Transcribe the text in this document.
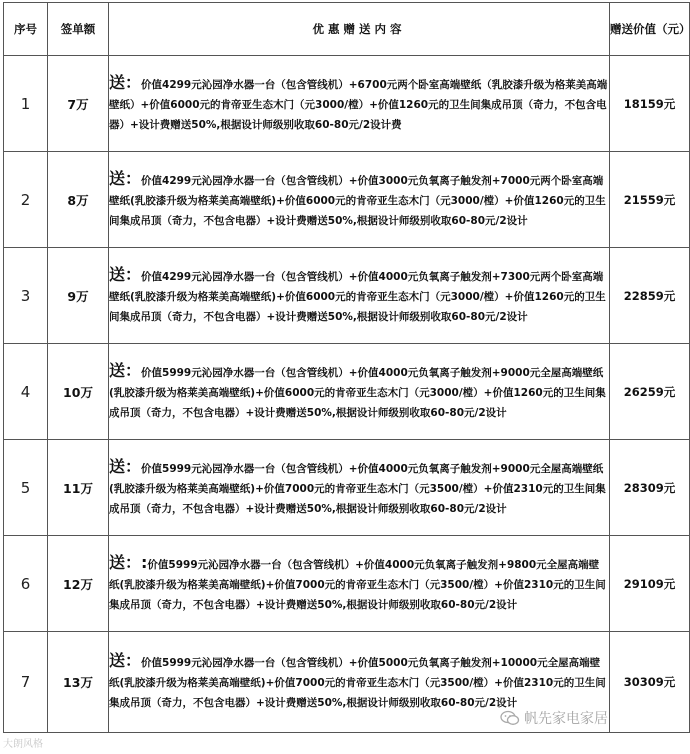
序号	签单额	优惠赠送内容	赠送价值（元）
1	7万	送：价值4299元沁园净水器一台（包含管线机）+6700元两个卧室高端壁纸（乳胶漆升级为格莱美高端壁纸）+价值6000元的肯帝亚生态木门（元3000/樘）+价值1260元的卫生间集成吊顶（奇力，不包含电器）+设计费赠送50%,根据设计师级别收取60-80元/2设计费	18159元
2	8万	送：价值4299元沁园净水器一台（包含管线机）+价值3000元负氧离子触发剂+7000元两个卧室高端壁纸(乳胶漆升级为格莱美高端壁纸)+价值6000元的肯帝亚生态木门（元3000/樘）+价值1260元的卫生间集成吊顶（奇力，不包含电器）+设计费赠送50%,根据设计师级别收取60-80元/2设计	21559元
3	9万	送：价值4299元沁园净水器一台（包含管线机）+价值4000元负氧离子触发剂+7300元两个卧室高端壁纸(乳胶漆升级为格莱美高端壁纸)+价值6000元的肯帝亚生态木门（元3000/樘）+价值1260元的卫生间集成吊顶（奇力，不包含电器）+设计费赠送50%,根据设计师级别收取60-80元/2设计	22859元
4	10万	送：价值5999元沁园净水器一台（包含管线机）+价值4000元负氧离子触发剂+9000元全屋高端壁纸(乳胶漆升级为格莱美高端壁纸)+价值6000元的肯帝亚生态木门（元3000/樘）+价值1260元的卫生间集成吊顶（奇力，不包含电器）+设计费赠送50%,根据设计师级别收取60-80元/2设计	26259元
5	11万	送：价值5999元沁园净水器一台（包含管线机）+价值4000元负氧离子触发剂+9000元全屋高端壁纸(乳胶漆升级为格莱美高端壁纸)+价值7000元的肯帝亚生态木门（元3500/樘）+价值2310元的卫生间集成吊顶（奇力，不包含电器）+设计费赠送50%,根据设计师级别收取60-80元/2设计	28309元
6	12万	送：:价值5999元沁园净水器一台（包含管线机）+价值4000元负氧离子触发剂+9800元全屋高端壁纸(乳胶漆升级为格莱美高端壁纸)+价值7000元的肯帝亚生态木门（元3500/樘）+价值2310元的卫生间集成吊顶（奇力，不包含电器）+设计费赠送50%,根据设计师级别收取60-80元/2设计	29109元
7	13万	送：价值5999元沁园净水器一台（包含管线机）+价值5000元负氧离子触发剂+10000元全屋高端壁纸(乳胶漆升级为格莱美高端壁纸)+价值7000元的肯帝亚生态木门（元3500/樘）+价值2310元的卫生间集成吊顶（奇力，不包含电器）+设计费赠送50%,根据设计师级别收取60-80元/2设计	30309元
大朗风格
帆先家电家居
